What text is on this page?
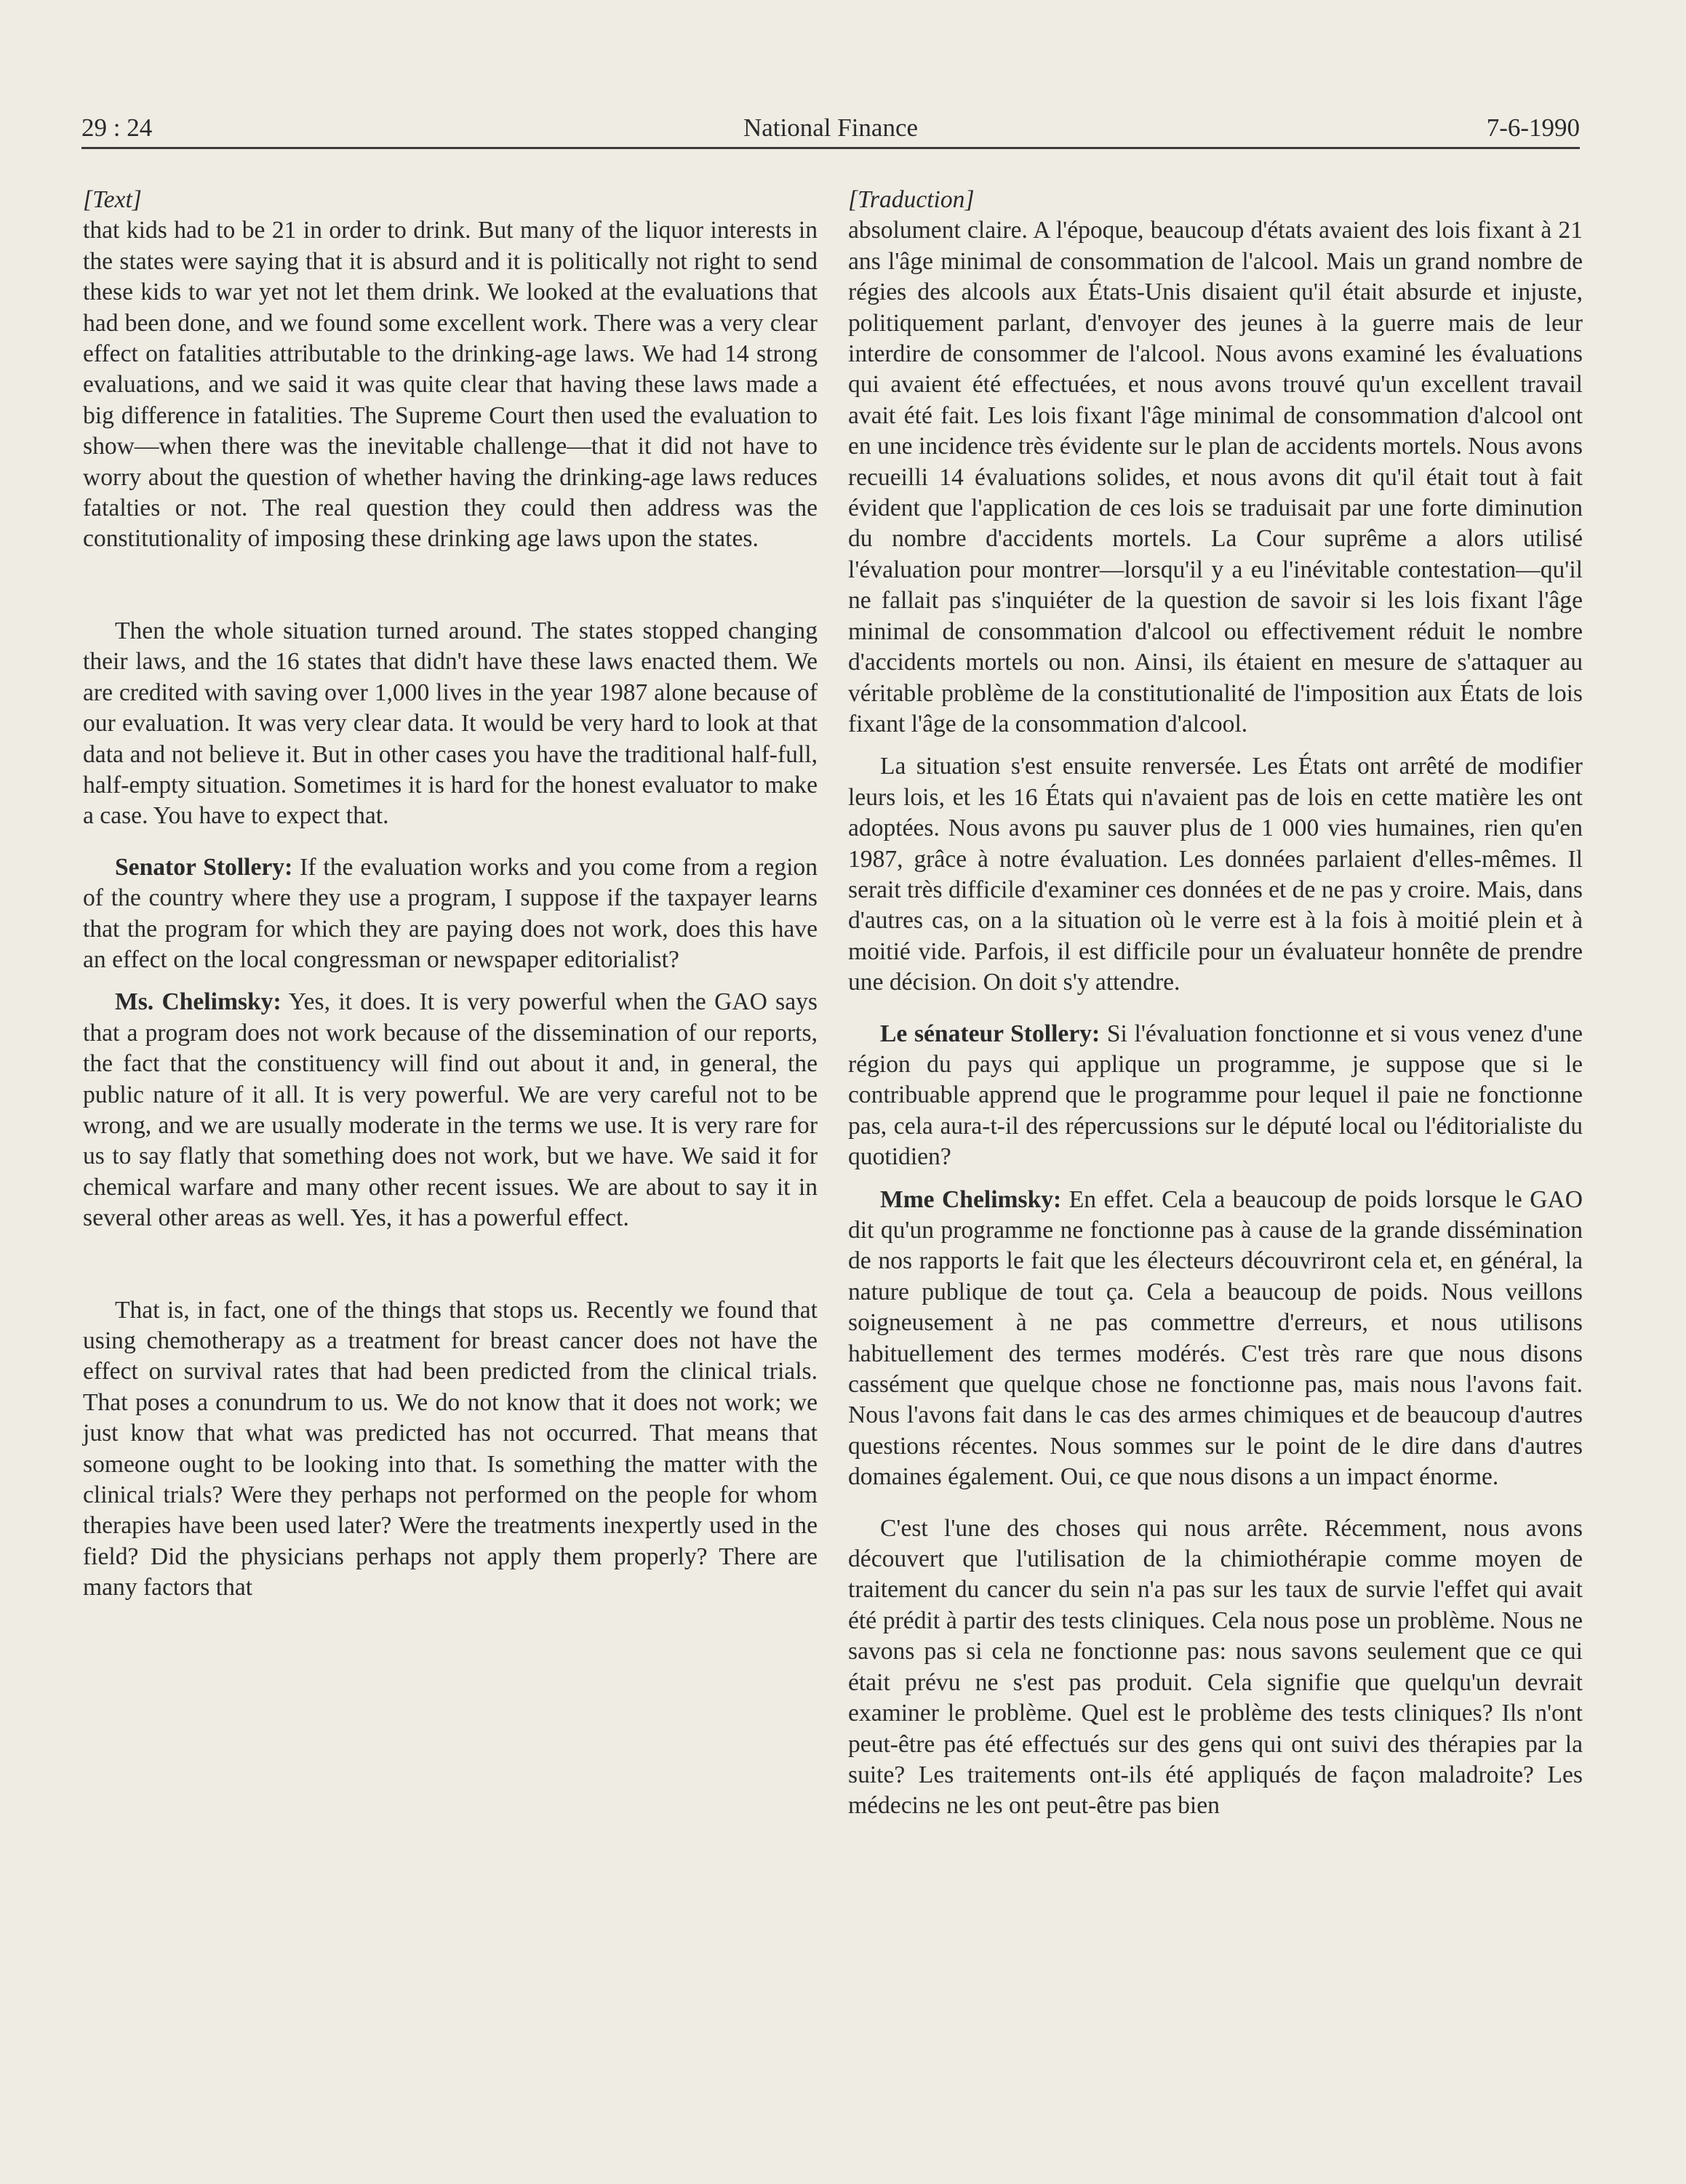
29 : 24	National Finance	7-6-1990

[Text]

that kids had to be 21 in order to drink. But many of the liquor interests in the states were saying that it is absurd and it is politically not right to send these kids to war yet not let them drink. We looked at the evaluations that had been done, and we found some excellent work. There was a very clear effect on fatalities attributable to the drinking-age laws. We had 14 strong evaluations, and we said it was quite clear that having these laws made a big difference in fatalities. The Supreme Court then used the evaluation to show—when there was the inevitable challenge—that it did not have to worry about the question of whether having the drinking-age laws reduces fatalties or not. The real question they could then address was the constitutionality of imposing these drinking age laws upon the states.

Then the whole situation turned around. The states stopped changing their laws, and the 16 states that didn't have these laws enacted them. We are credited with saving over 1,000 lives in the year 1987 alone because of our evaluation. It was very clear data. It would be very hard to look at that data and not believe it. But in other cases you have the traditional half-full, half-empty situation. Sometimes it is hard for the honest evaluator to make a case. You have to expect that.

Senator Stollery: If the evaluation works and you come from a region of the country where they use a program, I suppose if the taxpayer learns that the program for which they are paying does not work, does this have an effect on the local congressman or newspaper editorialist?

Ms. Chelimsky: Yes, it does. It is very powerful when the GAO says that a program does not work because of the dissemination of our reports, the fact that the constituency will find out about it and, in general, the public nature of it all. It is very powerful. We are very careful not to be wrong, and we are usually moderate in the terms we use. It is very rare for us to say flatly that something does not work, but we have. We said it for chemical warfare and many other recent issues. We are about to say it in several other areas as well. Yes, it has a powerful effect.

That is, in fact, one of the things that stops us. Recently we found that using chemotherapy as a treatment for breast cancer does not have the effect on survival rates that had been predicted from the clinical trials. That poses a conundrum to us. We do not know that it does not work; we just know that what was predicted has not occurred. That means that someone ought to be looking into that. Is something the matter with the clinical trials? Were they perhaps not performed on the people for whom therapies have been used later? Were the treatments inexpertly used in the field? Did the physicians perhaps not apply them properly? There are many factors that

[Traduction]

absolument claire. A l'époque, beaucoup d'états avaient des lois fixant à 21 ans l'âge minimal de consommation de l'alcool. Mais un grand nombre de régies des alcools aux États-Unis disaient qu'il était absurde et injuste, politiquement parlant, d'envoyer des jeunes à la guerre mais de leur interdire de consommer de l'alcool. Nous avons examiné les évaluations qui avaient été effectuées, et nous avons trouvé qu'un excellent travail avait été fait. Les lois fixant l'âge minimal de consommation d'alcool ont en une incidence très évidente sur le plan de accidents mortels. Nous avons recueilli 14 évaluations solides, et nous avons dit qu'il était tout à fait évident que l'application de ces lois se traduisait par une forte diminution du nombre d'accidents mortels. La Cour suprême a alors utilisé l'évaluation pour montrer—lorsqu'il y a eu l'inévitable contestation—qu'il ne fallait pas s'inquiéter de la question de savoir si les lois fixant l'âge minimal de consommation d'alcool ou effectivement réduit le nombre d'accidents mortels ou non. Ainsi, ils étaient en mesure de s'attaquer au véritable problème de la constitutionalité de l'imposition aux États de lois fixant l'âge de la consommation d'alcool.

La situation s'est ensuite renversée. Les États ont arrêté de modifier leurs lois, et les 16 États qui n'avaient pas de lois en cette matière les ont adoptées. Nous avons pu sauver plus de 1 000 vies humaines, rien qu'en 1987, grâce à notre évaluation. Les données parlaient d'elles-mêmes. Il serait très difficile d'examiner ces données et de ne pas y croire. Mais, dans d'autres cas, on a la situation où le verre est à la fois à moitié plein et à moitié vide. Parfois, il est difficile pour un évaluateur honnête de prendre une décision. On doit s'y attendre.

Le sénateur Stollery: Si l'évaluation fonctionne et si vous venez d'une région du pays qui applique un programme, je suppose que si le contribuable apprend que le programme pour lequel il paie ne fonctionne pas, cela aura-t-il des répercussions sur le député local ou l'éditorialiste du quotidien?

Mme Chelimsky: En effet. Cela a beaucoup de poids lorsque le GAO dit qu'un programme ne fonctionne pas à cause de la grande dissémination de nos rapports le fait que les électeurs découvriront cela et, en général, la nature publique de tout ça. Cela a beaucoup de poids. Nous veillons soigneusement à ne pas commettre d'erreurs, et nous utilisons habituellement des termes modérés. C'est très rare que nous disons cassément que quelque chose ne fonctionne pas, mais nous l'avons fait. Nous l'avons fait dans le cas des armes chimiques et de beaucoup d'autres questions récentes. Nous sommes sur le point de le dire dans d'autres domaines également. Oui, ce que nous disons a un impact énorme.

C'est l'une des choses qui nous arrête. Récemment, nous avons découvert que l'utilisation de la chimiothérapie comme moyen de traitement du cancer du sein n'a pas sur les taux de survie l'effet qui avait été prédit à partir des tests cliniques. Cela nous pose un problème. Nous ne savons pas si cela ne fonctionne pas: nous savons seulement que ce qui était prévu ne s'est pas produit. Cela signifie que quelqu'un devrait examiner le problème. Quel est le problème des tests cliniques? Ils n'ont peut-être pas été effectués sur des gens qui ont suivi des thérapies par la suite? Les traitements ont-ils été appliqués de façon maladroite? Les médecins ne les ont peut-être pas bien
